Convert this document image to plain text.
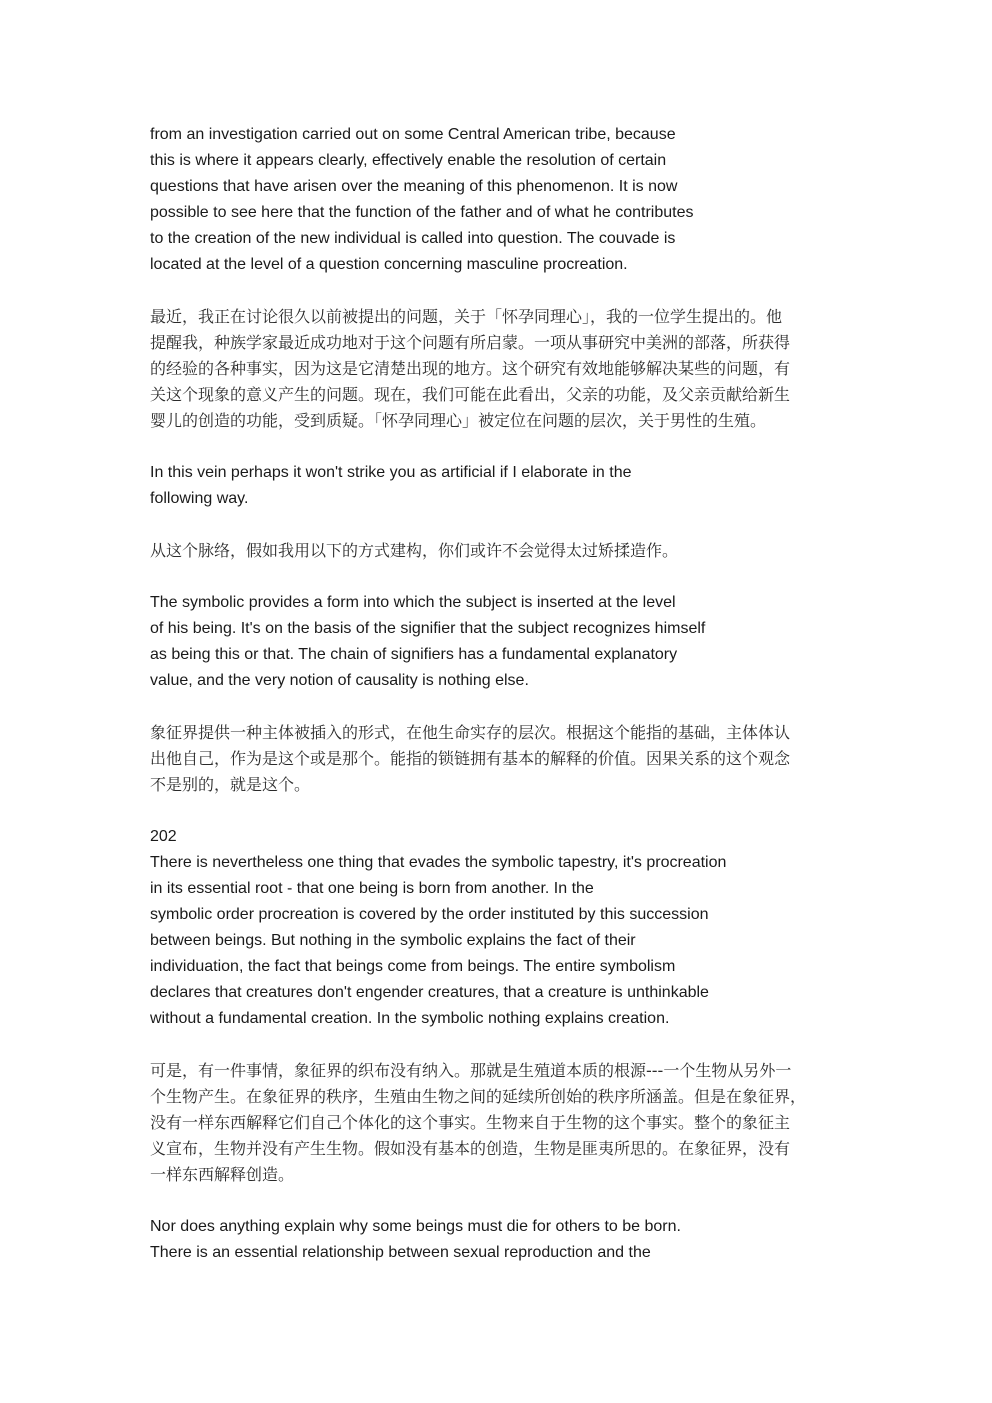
from an investigation carried out on some Central American tribe, because
this is where it appears clearly, effectively enable the resolution of certain
questions that have arisen over the meaning of this phenomenon. It is now
possible to see here that the function of the father and of what he contributes
to the creation of the new individual is called into question. The couvade is
located at the level of a question concerning masculine procreation.

最近，我正在讨论很久以前被提出的问题，关于「怀孕同理心」，我的一位学生提出的。他
提醒我，种族学家最近成功地对于这个问题有所启蒙。一项从事研究中美洲的部落，所获得
的经验的各种事实，因为这是它清楚出现的地方。这个研究有效地能够解决某些的问题，有
关这个现象的意义产生的问题。现在，我们可能在此看出，父亲的功能，及父亲贡献给新生
婴儿的创造的功能，受到质疑。「怀孕同理心」被定位在问题的层次，关于男性的生殖。

In this vein perhaps it won't strike you as artificial if I elaborate in the
following way.

从这个脉络，假如我用以下的方式建构，你们或许不会觉得太过矫揉造作。

The symbolic provides a form into which the subject is inserted at the level
of his being. It's on the basis of the signifier that the subject recognizes himself
as being this or that. The chain of signifiers has a fundamental explanatory
value, and the very notion of causality is nothing else.

象征界提供一种主体被插入的形式，在他生命实存的层次。根据这个能指的基础，主体体认
出他自己，作为是这个或是那个。能指的锁链拥有基本的解释的价值。因果关系的这个观念
不是别的，就是这个。

202
There is nevertheless one thing that evades the symbolic tapestry, it's procreation
in its essential root - that one being is born from another. In the
symbolic order procreation is covered by the order instituted by this succession
between beings. But nothing in the symbolic explains the fact of their
individuation, the fact that beings come from beings. The entire symbolism
declares that creatures don't engender creatures, that a creature is unthinkable
without a fundamental creation. In the symbolic nothing explains creation.

可是，有一件事情，象征界的织布没有纳入。那就是生殖道本质的根源---一个生物从另外一
个生物产生。在象征界的秩序，生殖由生物之间的延续所创始的秩序所涵盖。但是在象征界，
没有一样东西解释它们自己个体化的这个事实。生物来自于生物的这个事实。整个的象征主
义宣布，生物并没有产生生物。假如没有基本的创造，生物是匪夷所思的。在象征界，没有
一样东西解释创造。

Nor does anything explain why some beings must die for others to be born.
There is an essential relationship between sexual reproduction and the
